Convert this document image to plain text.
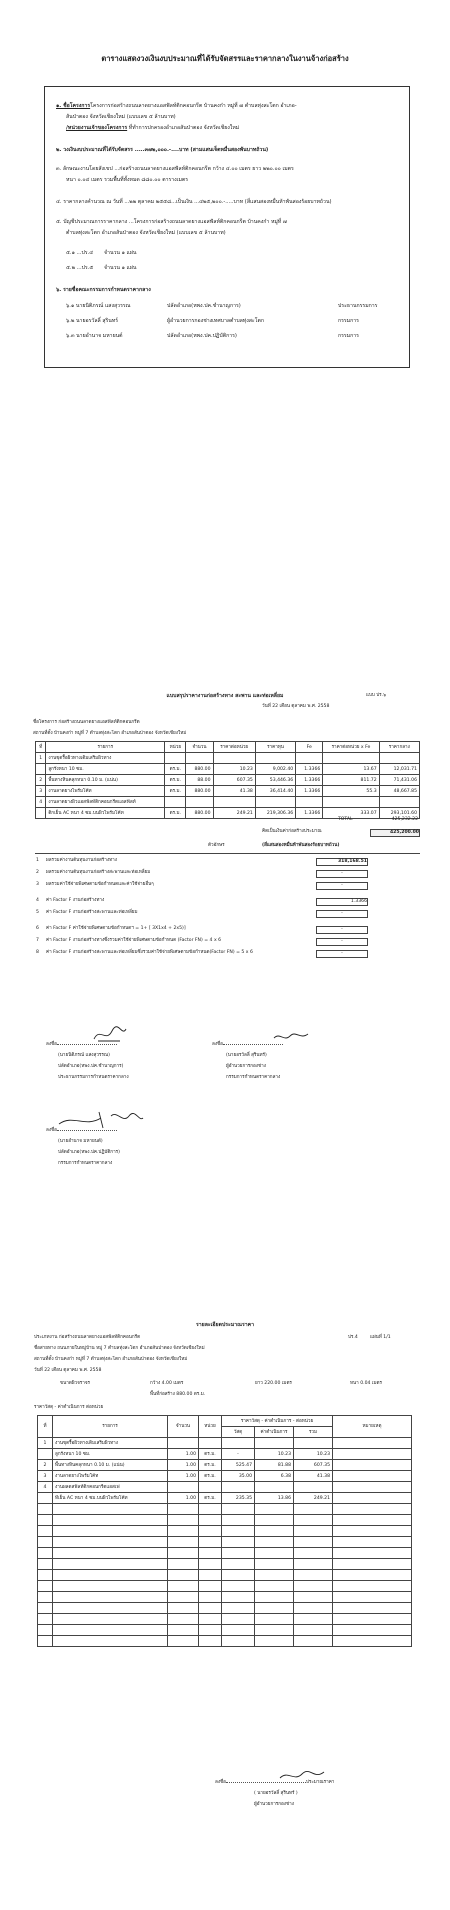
ตารางแสดงวงเงินงบประมาณที่ได้รับจัดสรรและราคากลางในงานจ้างก่อสร้าง
๑. ชื่อโครงการโครงการก่อสร้างถนนลาดยางแอสฟัลท์ติกคอนกรีต บ้านคงก๋า หมู่ที่ ๗ ตำบลทุ่งสะโตก อำเภอ-
สันป่าตอง จังหวัดเชียงใหม่ (แบบเลข ๕ ล้านบาท)
/หน่วยงานเจ้าของโครงการ ที่ทำการปกครองอำเภอสันป่าตอง จังหวัดเชียงใหม่
๒. วงเงินงบประมาณที่ได้รับจัดสรร .....๓๗๒,๐๐๐.-....บาท (สามแสนเจ็ดหมื่นสองพันบาทถ้วน)
๓. ลักษณะงานโดยสังเขป ...ก่อสร้างถนนลาดยางแอสฟัลท์ติกคอนกรีต กว้าง ๔.๐๐ เมตร ยาว ๒๒๐.๐๐ เมตร
หนา ๐.๐๔ เมตร รวมพื้นที่ทั้งหมด ๘๘๐.๐๐ ตารางเมตร
๔. ราคากลางคำนวณ ณ วันที่ ...๒๒ ตุลาคม ๒๕๕๘...เป็นเงิน ...๔๒๕,๒๐๐.-.....บาท (สี่แสนสองหมื่นห้าพันสองร้อยบาทถ้วน)
๕. บัญชีประมาณการราคากลาง ...โครงการก่อสร้างถนนลาดยางแอสฟัลท์ติกคอนกรีต บ้านคงก๋า หมู่ที่ ๗
ตำบลทุ่งสะโตก อำเภอสันป่าตอง จังหวัดเชียงใหม่ (แบบเลข ๕ ล้านบาท)
๕.๑ ...ปร.๔ จำนวน ๑ แผ่น
๕.๒ ...ปร.๕ จำนวน ๑ แผ่น
๖. รายชื่อคณะกรรมการกำหนดราคากลาง
๖.๑ นายนิติภรณ์ แสงสุวรรณ	ปลัดอำเภอ(หพง.ปค.ชำนาญการ)	ประธานกรรมการ
๖.๒ นายอรวัลลิ์ สุรินทร์	ผู้อำนวยการกองช่างเทศบาลตำบลทุ่งสะโตก	กรรมการ
๖.๓ นายอำนาจ มหายนต์	ปลัดอำเภอ(หพง.ปค.ปฏิบัติการ)	กรรมการ
แบบสรุปราคางานก่อสร้างทาง สะพาน และท่อเหลี่ยม	แบบ ปร.๖
วันที่ 22 เดือน ตุลาคม พ.ศ. 2558
ชื่อโครงการ ก่อสร้างถนนลาดยางแอสฟัลท์ติกคอนกรีต
สถานที่ตั้ง บ้านคงก๋า หมู่ที่ 7 ตำบลทุ่งสะโตก อำเภอสันป่าตอง จังหวัดเชียงใหม่
ที่	รายการ	หน่วย	จำนวน	ราคาต่อหน่วย	ราคาทุน	Fe	ราคาต่อหน่วย x Fe	ราคากลาง
1	งานขุดรื้อผิวทางเดิมเสริมผิวทาง							
	ลูกรังหนา 10 ซม.	ตร.ม.	880.00	10.23	9,002.40	1.3366	13.67	12,031.71
2	พื้นทางหินคลุกหนา 0.10 ม. (แน่น)	ตร.ม.	88.00	607.35	53,446.36	1.3366	811.72	71,431.06
3	งานลาดยางไพร์มโค้ท	ตร.ม.	880.00	41.38	36,414.40	1.3366	55.3	48,667.85
4	งานลาดยางผิวแอสฟัลท์ติกคอนกรีตแอสฟัลท์							
	ติกเย็น AC หนา 4 ซม.บนผิวไพร์มโค้ท	ตร.ม.	880.00	249.21	219,306.36	1.3366	333.07	293,101.60
TOTAL	425,232.22
คิดเป็นเงินค่าก่อสร้างประมาณ	425,200.00
ตัวอักษร	(สี่แสนสองหมื่นห้าพันสองร้อยบาทถ้วน)
1 ผลรวมค่างานต้นทุนงานก่อสร้างทาง	318,168.51
2 ผลรวมค่างานต้นทุนงานก่อสร้างสะพานและท่อเหลี่ยม	-
3 ผลรวมค่าใช้จ่ายพิเศษตามข้อกำหนดและค่าใช้จ่ายอื่นๆ	-
4 ค่า Factor F งานก่อสร้างทาง	1.3366
5 ค่า Factor F งานก่อสร้างสะพานและท่อเหลี่ยม	-
6 ค่า Factor F ค่าใช้จ่ายพิเศษตามข้อกำหนดฯ = 1+ [ 3X1x4 + 2x5)]	-
7 ค่า Factor F งานก่อสร้างทางซึ่งรวมค่าใช้จ่ายพิเศษตามข้อกำหนด (Factor FN) = 4 x 6	-
8 ค่า Factor F งานก่อสร้างสะพานและท่อเหลี่ยมซึ่งรวมค่าใช้จ่ายพิเศษตามข้อกำหนด(Factor FN) = 5 x 6	-
ลงชื่อ
(นายนิติภรณ์ แสงสุวรรณ)
ปลัดอำเภอ(หพง.ปค.ชำนาญการ)
ประธานกรรมการกำหนดราคากลาง
ลงชื่อ
(นายอรวัลลิ์ สุรินทร์)
ผู้อำนวยการกองช่าง
กรรมการกำหนดราคากลาง
ลงชื่อ
(นายอำนาจ มหายนต์)
ปลัดอำเภอ(หพง.ปค.ปฏิบัติการ)
กรรมการกำหนดราคากลาง
รายละเอียดประมาณราคา
ประเภทงาน ก่อสร้างถนนลาดยางแอสฟัลท์ติกคอนกรีต	ปร.4	แผ่นที่ 1/1
ชื่อสายทาง ถนนภายในหมู่บ้าน หมู่ 7 ตำบลทุ่งสะโตก อำเภอสันป่าตอง จังหวัดเชียงใหม่
สถานที่ตั้ง บ้านคงก๋า หมู่ที่ 7 ตำบลทุ่งสะโตก อำเภอสันป่าตอง จังหวัดเชียงใหม่
วันที่ 22 เดือน ตุลาคม พ.ศ. 2558
ขนาดผิวจราจร	กว้าง 4.00 เมตร	ยาว 220.00 เมตร	หนา 0.04 เมตร
พื้นที่ก่อสร้าง 880.00 ตร.ม.
ราคาวัสดุ - ค่าดำเนินการ ต่อหน่วย
ที่	รายการ	จำนวน	หน่วย	ราคาวัสดุ - ค่าดำเนินการ - ต่อหน่วย			หมายเหตุ
				วัสดุ	ค่าดำเนินการ	รวม	
1	งานขุดรื้อผิวทางเดิมเสริมผิวทาง						
	ลูกรังหนา 10 ซม.	1.00	ตร.ม.	-	10.23	10.23	
2	พื้นทางหินคลุกหนา 0.10 ม. (แน่น)	1.00	ตร.ม.	525.47	81.88	607.35	
3	งานลาดยางไพร์มโค้ท	1.00	ตร.ม.	35.00	6.38	41.38	
4	งานผลดสฟัลท์ติกคอนกรีตแอสเฟ						
	ทีเย็น AC หนา 4 ซม.บนผิวไพร์มโค้ท	1.00	ตร.ม.	235.35	13.86	249.21	

ลงชื่อ	ประมาณราคา
( นายอรวัลลิ์ สุรินทร์ )
ผู้อำนวยการกองช่าง
